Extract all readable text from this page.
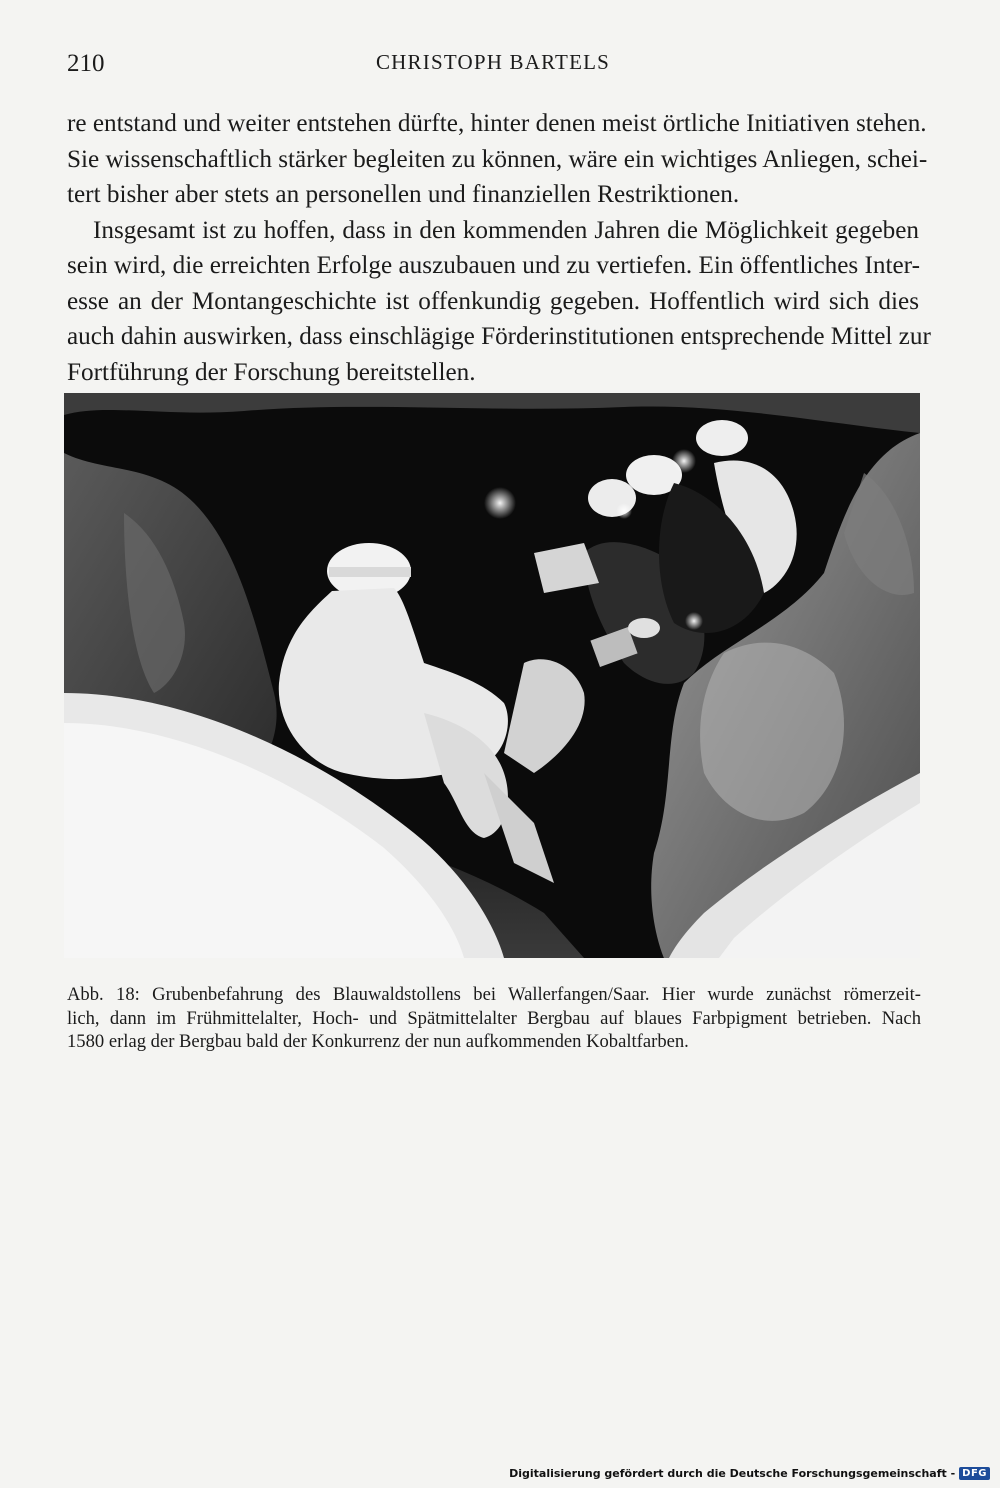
210	CHRISTOPH BARTELS

re entstand und weiter entstehen dürfte, hinter denen meist örtliche Initiativen stehen.
Sie wissenschaftlich stärker begleiten zu können, wäre ein wichtiges Anliegen, schei-
tert bisher aber stets an personellen und finanziellen Restriktionen.

Insgesamt ist zu hoffen, dass in den kommenden Jahren die Möglichkeit gegeben
sein wird, die erreichten Erfolge auszubauen und zu vertiefen. Ein öffentliches Inter-
esse an der Montangeschichte ist offenkundig gegeben. Hoffentlich wird sich dies
auch dahin auswirken, dass einschlägige Förderinstitutionen entsprechende Mittel zur
Fortführung der Forschung bereitstellen.

Abb. 18: Grubenbefahrung des Blauwaldstollens bei Wallerfangen/Saar. Hier wurde zunächst römerzeit-
lich, dann im Frühmittelalter, Hoch- und Spätmittelalter Bergbau auf blaues Farbpigment betrieben. Nach
1580 erlag der Bergbau bald der Konkurrenz der nun aufkommenden Kobaltfarben.
Digitalisierung gefördert durch die Deutsche Forschungsgemeinschaft - DFG
